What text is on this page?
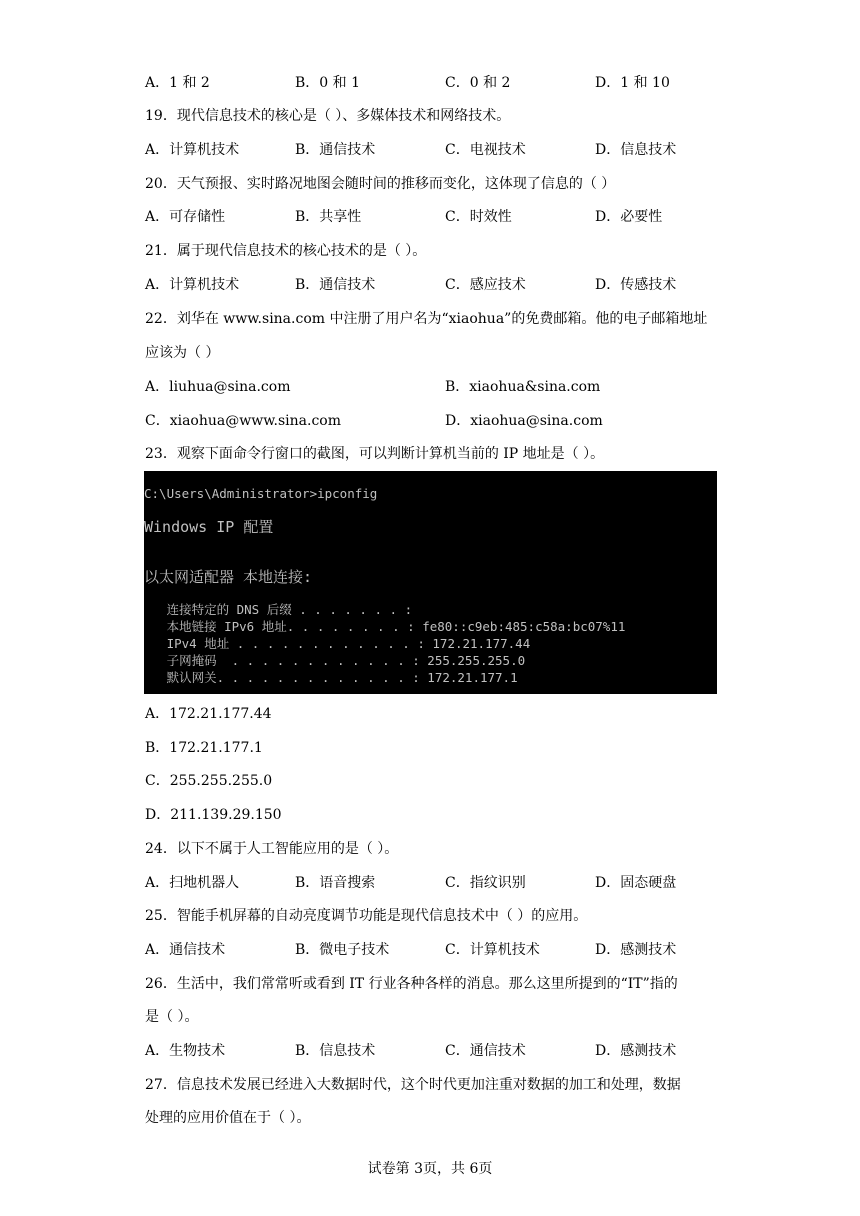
A．1 和 2	B．0 和 1	C．0 和 2	D．1 和 10
19．现代信息技术的核心是（ ）、多媒体技术和网络技术。
A．计算机技术	B．通信技术	C．电视技术	D．信息技术
20．天气预报、实时路况地图会随时间的推移而变化，这体现了信息的（ ）
A．可存储性	B．共享性	C．时效性	D．必要性
21．属于现代信息技术的核心技术的是（ ）。
A．计算机技术	B．通信技术	C．感应技术	D．传感技术
22．刘华在 www.sina.com 中注册了用户名为“xiaohua”的免费邮箱。他的电子邮箱地址
应该为（ ）
A．liuhua@sina.com	B．xiaohua&sina.com
C．xiaohua@www.sina.com	D．xiaohua@sina.com
23．观察下面命令行窗口的截图，可以判断计算机当前的 IP 地址是（ ）。
C:\Users\Administrator>ipconfig
Windows IP 配置
以太网适配器 本地连接:
连接特定的 DNS 后缀 . . . . . . . :
本地链接 IPv6 地址. . . . . . . . : fe80::c9eb:485:c58a:bc07%11
IPv4 地址 . . . . . . . . . . . . : 172.21.177.44
子网掩码  . . . . . . . . . . . . : 255.255.255.0
默认网关. . . . . . . . . . . . . : 172.21.177.1
A．172.21.177.44
B．172.21.177.1
C．255.255.255.0
D．211.139.29.150
24．以下不属于人工智能应用的是（ ）。
A．扫地机器人	B．语音搜索	C．指纹识别	D．固态硬盘
25．智能手机屏幕的自动亮度调节功能是现代信息技术中（ ）的应用。
A．通信技术	B．微电子技术	C．计算机技术	D．感测技术
26．生活中，我们常常听或看到 IT 行业各种各样的消息。那么这里所提到的“IT”指的
是（ ）。
A．生物技术	B．信息技术	C．通信技术	D．感测技术
27．信息技术发展已经进入大数据时代，这个时代更加注重对数据的加工和处理，数据
处理的应用价值在于（ ）。
试卷第 3页，共 6页
